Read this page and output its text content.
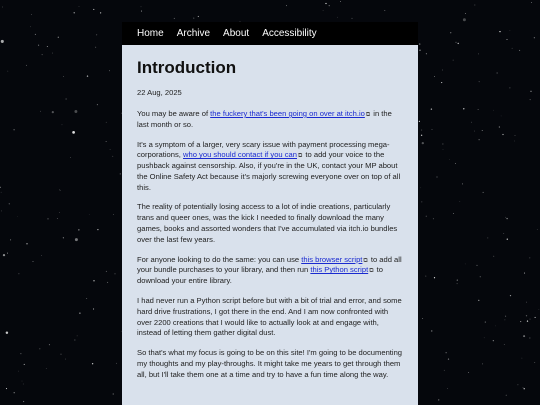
Home Archive About Accessibility
Introduction
22 Aug, 2025

You may be aware of the fuckery that's been going on over at itch.io⧉ in the last month or so.

It's a symptom of a larger, very scary issue with payment processing mega-corporations, who you should contact if you can⧉ to add your voice to the pushback against censorship. Also, if you're in the UK, contact your MP about the Online Safety Act because it's majorly screwing everyone over on top of all this.

The reality of potentially losing access to a lot of indie creations, particularly trans and queer ones, was the kick I needed to finally download the many games, books and assorted wonders that I've accumulated via itch.io bundles over the last few years.

For anyone looking to do the same: you can use this browser script⧉ to add all your bundle purchases to your library, and then run this Python script⧉ to download your entire library.

I had never run a Python script before but with a bit of trial and error, and some hard drive frustrations, I got there in the end. And I am now confronted with over 2200 creations that I would like to actually look at and engage with, instead of letting them gather digital dust.

So that's what my focus is going to be on this site! I'm going to be documenting my thoughts and my play-throughs. It might take me years to get through them all, but I'll take them one at a time and try to have a fun time along the way.
